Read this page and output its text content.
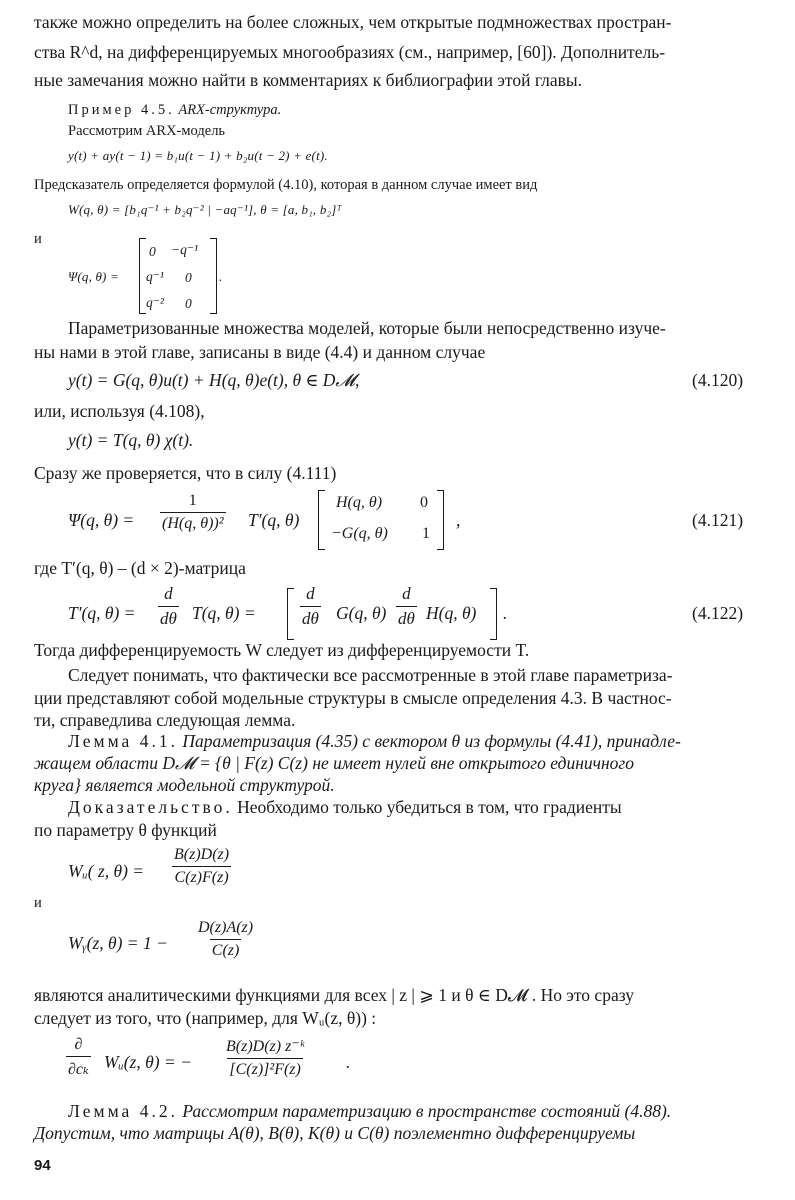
также можно определить на более сложных, чем открытые подмножествах простран-
ства R^d, на дифференцируемых многообразиях (см., например, [60]). Дополнитель-
ные замечания можно найти в комментариях к библиографии этой главы.
Пример 4.5. ARX-структура.
Рассмотрим ARX-модель
y(t) + ay(t − 1) = b₁u(t − 1) + b₂u(t − 2) + e(t).
Предсказатель определяется формулой (4.10), которая в данном случае имеет вид
W(q, θ) = [b₁q⁻¹ + b₂q⁻² | −aq⁻¹], θ = [a, b₁, b₂]ᵀ
и
Ψ(q, θ) =
0 −q⁻¹
q⁻¹ 0
q⁻² 0
.
Параметризованные множества моделей, которые были непосредственно изуче-
ны нами в этой главе, записаны в виде (4.4) и данном случае
y(t) = G(q, θ)u(t) + H(q, θ)e(t), θ ∈ D𝓜,	(4.120)
или, используя (4.108),
y(t) = T(q, θ) χ(t).
Сразу же проверяется, что в силу (4.111)
Ψ(q, $\theta) = \frac{1}{\text{(H(q, θ))²}} T'(q$, θ)
H(q, θ) 0
−G(q, θ) 1
,	(4.121)
где T′(q, θ) – (d × 2)-матрица
T′(q, $\theta) = \frac{d}{d\theta} T(q$, θ) =	$\frac{d}{d\theta} G(q$, $\theta) \frac{d}{d\theta} H(q$, θ) .	(4.122)
Тогда дифференцируемость W следует из дифференцируемости T.
Следует понимать, что фактически все рассмотренные в этой главе параметриза-
ции представляют собой модельные структуры в смысле определения 4.3. В частнос-
ти, справедлива следующая лемма.
Лемма 4.1. Параметризация (4.35) с вектором θ из формулы (4.41), принадле-
жащем области D𝓜 = {θ | F(z) C(z) не имеет нулей вне открытого единичного
круга} является модельной структурой.
Доказательство. Необходимо только убедиться в том, что градиенты
по параметру θ функций
Wᵤ( z, $\theta) = \frac{B(z)D(z)}{C(z)F(z)}$
и
Wᵧ(z, $\theta) = 1 - \frac{D(z)A(z)}{C(z)}$
являются аналитическими функциями для всех | z | ⩾ 1 и θ ∈ D𝓜 . Но это сразу
следует из того, что (например, для Wᵤ(z, θ)) :
∂
∂cₖ Wᵤ(z, θ) = − $\frac{\text{B(z)D(z) z⁻ᵏ}}{\text{[C(z)]²F(z)}}$ .
Лемма 4.2. Рассмотрим параметризацию в пространстве состояний (4.88).
Допустим, что матрицы A(θ), B(θ), K(θ) и C(θ) поэлементно дифференцируемы
94
